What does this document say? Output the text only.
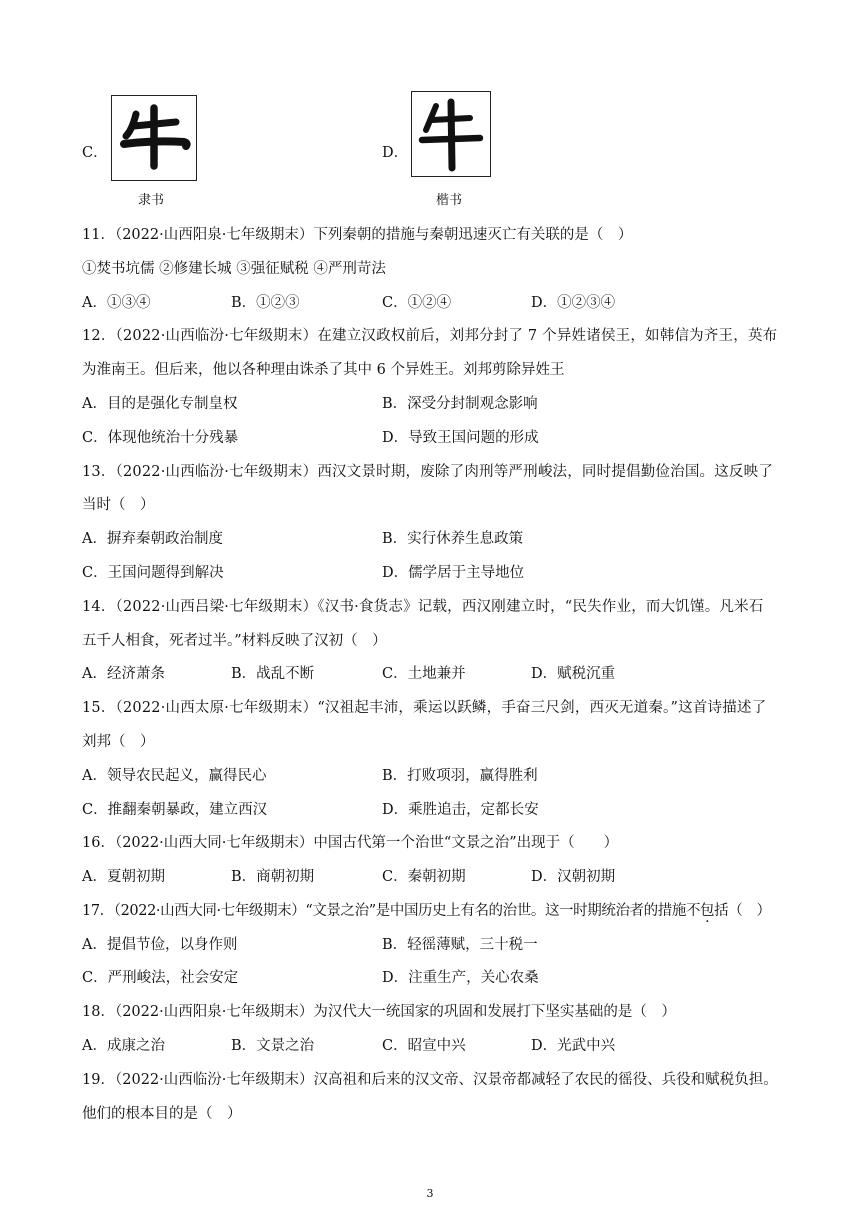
C．
隶书
D．
楷书
11．（2022·山西阳泉·七年级期末）下列秦朝的措施与秦朝迅速灭亡有关联的是（　）
①焚书坑儒 ②修建长城 ③强征赋税 ④严刑苛法
A．①③④	B．①②③	C．①②④	D．①②③④
12．（2022·山西临汾·七年级期末）在建立汉政权前后，刘邦分封了 7 个异姓诸侯王，如韩信为齐王，英布
为淮南王。但后来，他以各种理由诛杀了其中 6 个异姓王。刘邦剪除异姓王
A．目的是强化专制皇权	B．深受分封制观念影响
C．体现他统治十分残暴	D．导致王国问题的形成
13．（2022·山西临汾·七年级期末）西汉文景时期，废除了肉刑等严刑峻法，同时提倡勤俭治国。这反映了
当时（　）
A．摒弃秦朝政治制度	B．实行休养生息政策
C．王国问题得到解决	D．儒学居于主导地位
14．（2022·山西吕梁·七年级期末）《汉书·食货志》记载，西汉刚建立时，“民失作业，而大饥馑。凡米石
五千人相食，死者过半。”材料反映了汉初（　）
A．经济萧条	B．战乱不断	C．土地兼并	D．赋税沉重
15．（2022·山西太原·七年级期末）“汉祖起丰沛，乘运以跃鳞，手奋三尺剑，西灭无道秦。”这首诗描述了
刘邦（　）
A．领导农民起义，赢得民心	B．打败项羽，赢得胜利
C．推翻秦朝暴政，建立西汉	D．乘胜追击，定都长安
16．（2022·山西大同·七年级期末）中国古代第一个治世“文景之治”出现于（　　）
A．夏朝初期	B．商朝初期	C．秦朝初期	D．汉朝初期
17．（2022·山西大同·七年级期末）“文景之治”是中国历史上有名的治世。这一时期统治者的措施不包括（　）
A．提倡节俭，以身作则	B．轻徭薄赋，三十税一
C．严刑峻法，社会安定	D．注重生产，关心农桑
18．（2022·山西阳泉·七年级期末）为汉代大一统国家的巩固和发展打下坚实基础的是（　）
A．成康之治	B．文景之治	C．昭宣中兴	D．光武中兴
19．（2022·山西临汾·七年级期末）汉高祖和后来的汉文帝、汉景帝都减轻了农民的徭役、兵役和赋税负担。
他们的根本目的是（　）
3
